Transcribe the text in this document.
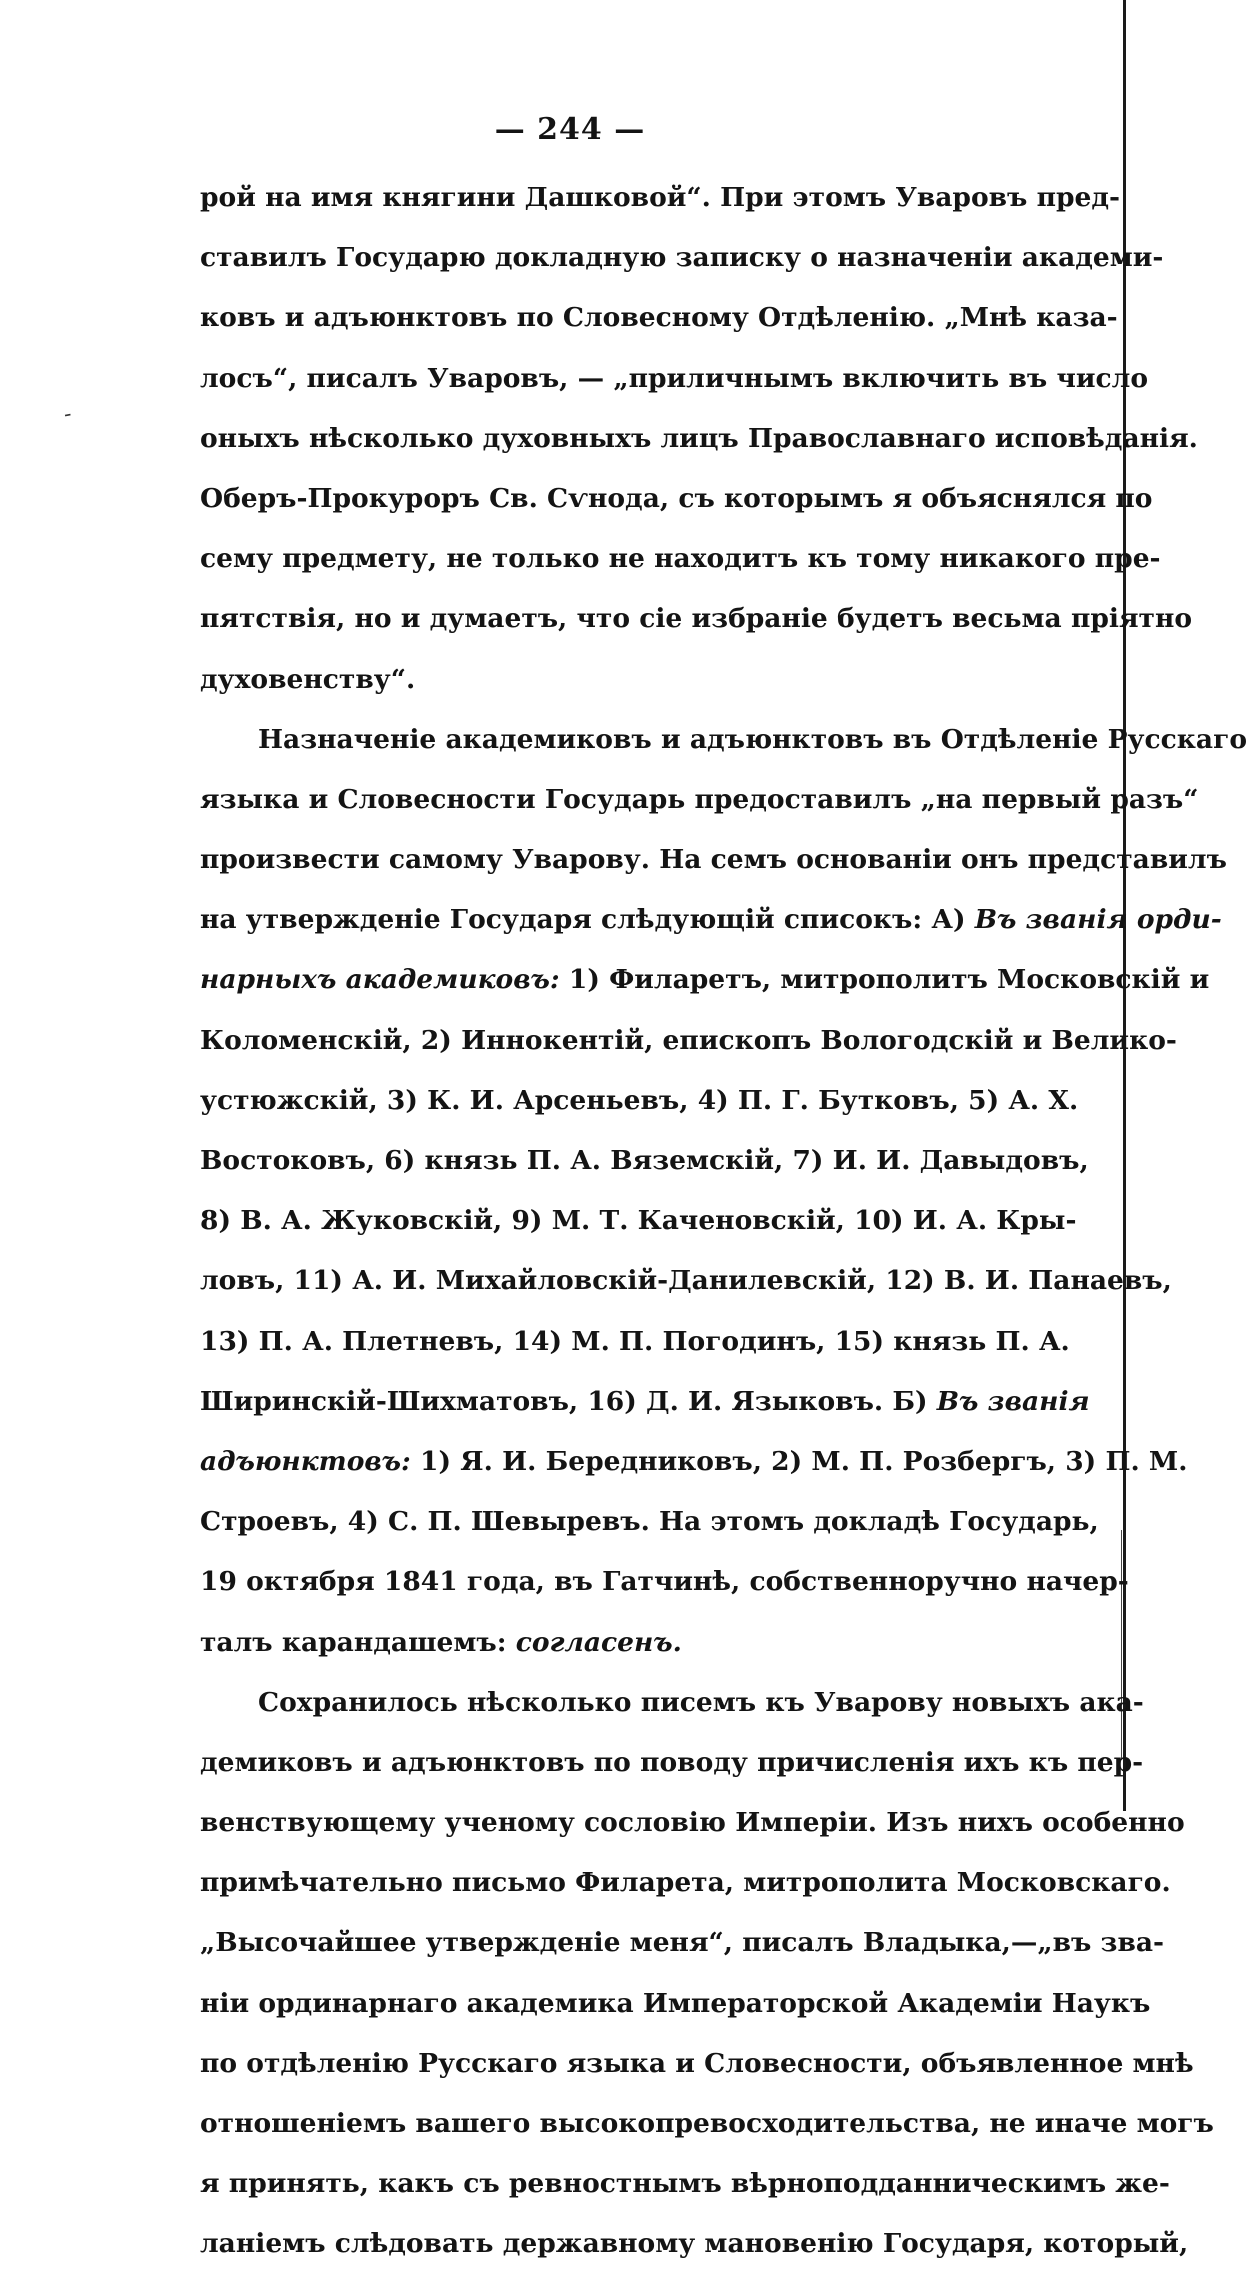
-
— 244 —
рой на имя княгини Дашковой“. При этомъ Уваровъ пред-
ставилъ Государю докладную записку о назначеніи академи-
ковъ и адъюнктовъ по Словесному Отдѣленію. „Мнѣ каза-
лосъ“, писалъ Уваровъ, — „приличнымъ включить въ число
оныхъ нѣсколько духовныхъ лицъ Православнаго исповѣданія.
Оберъ-Прокуроръ Св. Сѵнода, съ которымъ я объяснялся по
сему предмету, не только не находитъ къ тому никакого пре-
пятствія, но и думаетъ, что сіе избраніе будетъ весьма пріятно
духовенству“.
Назначеніе академиковъ и адъюнктовъ въ Отдѣленіе Русскаго
языка и Словесности Государь предоставилъ „на первый разъ“
произвести самому Уварову. На семъ основаніи онъ представилъ
на утвержденіе Государя слѣдующій списокъ: А) Въ званія орди-
нарныхъ академиковъ: 1) Филаретъ, митрополитъ Московскій и
Коломенскій, 2) Иннокентій, епископъ Вологодскій и Велико-
устюжскій, 3) К. И. Арсеньевъ, 4) П. Г. Бутковъ, 5) А. Х.
Востоковъ, 6) князь П. А. Вяземскій, 7) И. И. Давыдовъ,
8) В. А. Жуковскій, 9) М. Т. Каченовскій, 10) И. А. Кры-
ловъ, 11) А. И. Михайловскій-Данилевскій, 12) В. И. Панаевъ,
13) П. А. Плетневъ, 14) М. П. Погодинъ, 15) князь П. А.
Ширинскій-Шихматовъ, 16) Д. И. Языковъ. Б) Въ званія
адъюнктовъ: 1) Я. И. Бередниковъ, 2) М. П. Розбергъ, 3) П. М.
Строевъ, 4) С. П. Шевыревъ. На этомъ докладѣ Государь,
19 октября 1841 года, въ Гатчинѣ, собственноручно начер-
талъ карандашемъ: согласенъ.
Сохранилось нѣсколько писемъ къ Уварову новыхъ ака-
демиковъ и адъюнктовъ по поводу причисленія ихъ къ пер-
венствующему ученому сословію Имперіи. Изъ нихъ особенно
примѣчательно письмо Филарета, митрополита Московскаго.
„Высочайшее утвержденіе меня“, писалъ Владыка,—„въ зва-
ніи ординарнаго академика Императорской Академіи Наукъ
по отдѣленію Русскаго языка и Словесности, объявленное мнѣ
отношеніемъ вашего высокопревосходительства, не иначе могъ
я принять, какъ съ ревностнымъ вѣрноподданническимъ же-
ланіемъ слѣдовать державному мановенію Государя, который,
